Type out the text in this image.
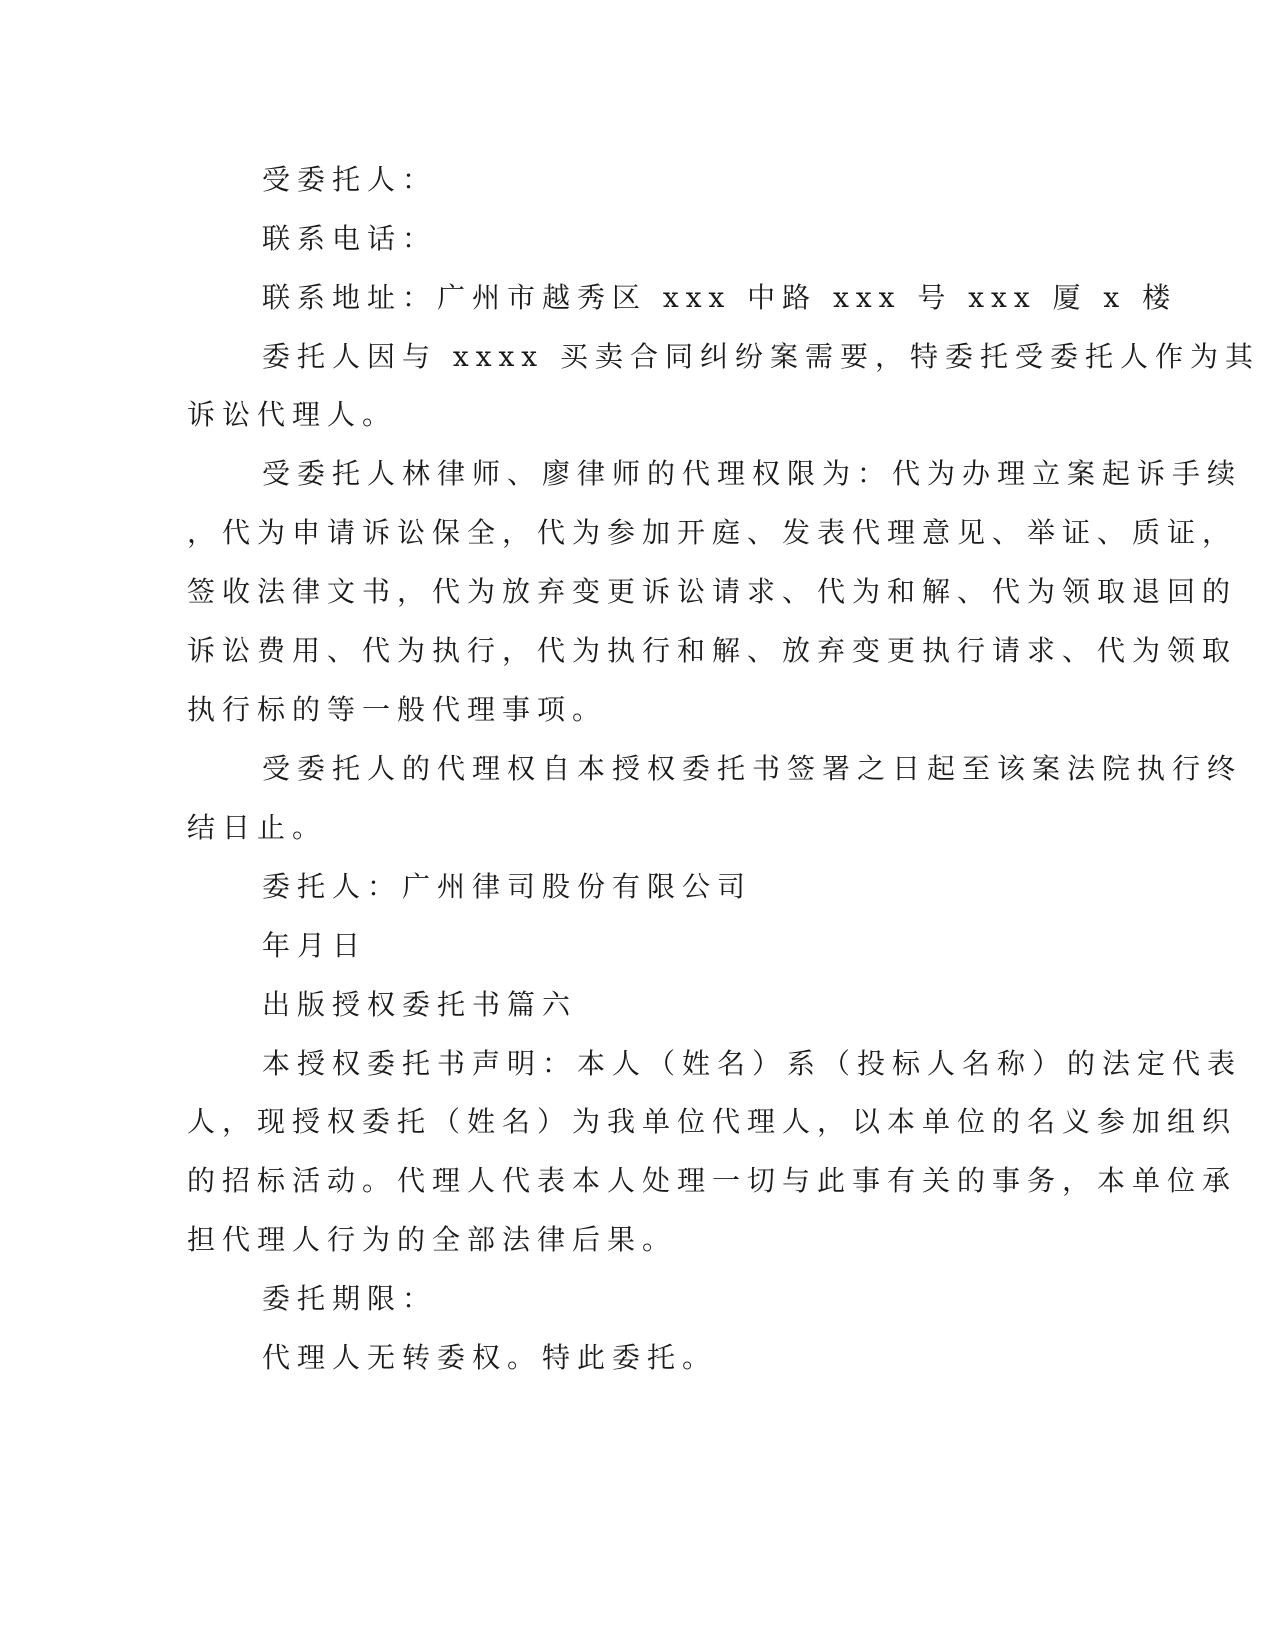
受委托人：

联系电话：

联系地址：广州市越秀区 xxx 中路 xxx 号 xxx 厦 x 楼

委托人因与 xxxx 买卖合同纠纷案需要，特委托受委托人作为其

诉讼代理人。

受委托人林律师、廖律师的代理权限为：代为办理立案起诉手续

，代为申请诉讼保全，代为参加开庭、发表代理意见、举证、质证，

签收法律文书，代为放弃变更诉讼请求、代为和解、代为领取退回的

诉讼费用、代为执行，代为执行和解、放弃变更执行请求、代为领取

执行标的等一般代理事项。

受委托人的代理权自本授权委托书签署之日起至该案法院执行终

结日止。

委托人：广州律司股份有限公司

年月日

出版授权委托书篇六

本授权委托书声明：本人（姓名）系（投标人名称）的法定代表

人，现授权委托（姓名）为我单位代理人，以本单位的名义参加组织

的招标活动。代理人代表本人处理一切与此事有关的事务，本单位承

担代理人行为的全部法律后果。

委托期限：

代理人无转委权。特此委托。
